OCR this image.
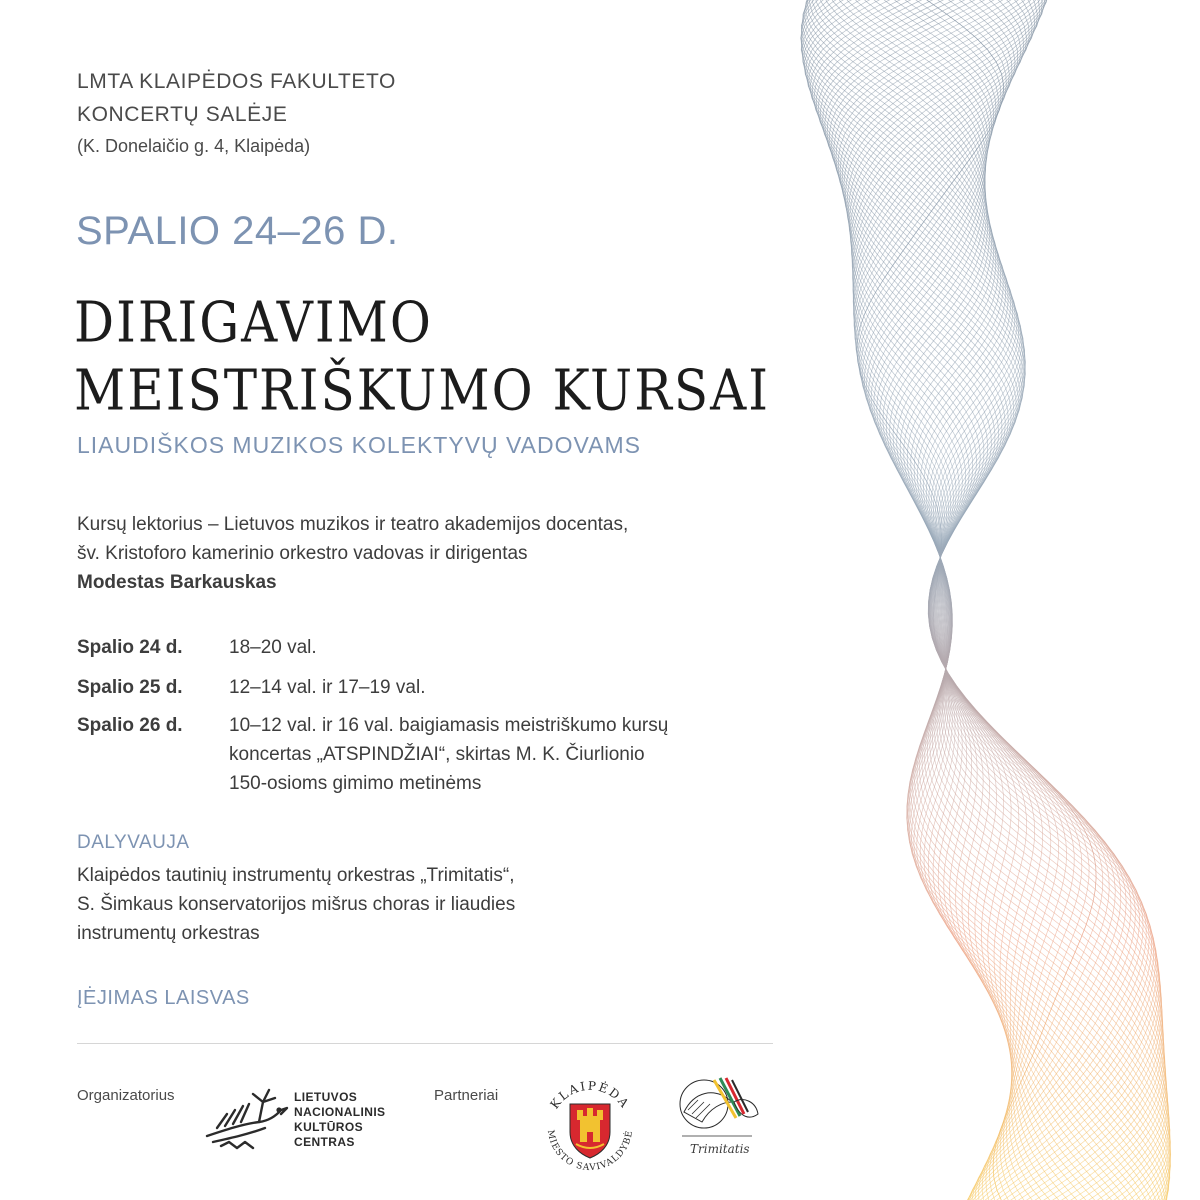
LMTA KLAIPĖDOS FAKULTETO
KONCERTŲ SALĖJE
(K. Donelaičio g. 4, Klaipėda)
SPALIO 24–26 D.
DIRIGAVIMO
MEISTRIŠKUMO KURSAI
LIAUDIŠKOS MUZIKOS KOLEKTYVŲ VADOVAMS
Kursų lektorius – Lietuvos muzikos ir teatro akademijos docentas,
šv. Kristoforo kamerinio orkestro vadovas ir dirigentas
Modestas Barkauskas
Spalio 24 d. 18–20 val.
Spalio 25 d. 12–14 val. ir 17–19 val.
Spalio 26 d. 10–12 val. ir 16 val. baigiamasis meistriškumo kursų
koncertas „ATSPINDŽIAI“, skirtas M. K. Čiurlionio
150-osioms gimimo metinėms
DALYVAUJA
Klaipėdos tautinių instrumentų orkestras „Trimitatis“,
S. Šimkaus konservatorijos mišrus choras ir liaudies
instrumentų orkestras
ĮĖJIMAS LAISVAS
Organizatorius	LIETUVOS
NACIONALINIS
KULTŪROS
CENTRAS
Partneriai	KLAIPĖDA
MIESTO SAVIVALDYBĖ
Trimitatis
